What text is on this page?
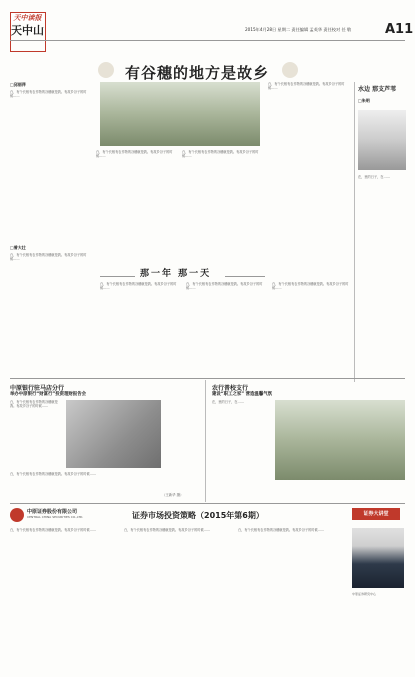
天中读报
天中山	2015年4月28日 星期二 责任编辑 孟英华 责任校对 任 敬	A11
有谷穗的地方是故乡
□邱丽萍
白，有个长相有农作物的谷穗就是我。有故乡谷子的时候……
白，有个长相有农作物的谷穗就是我。有故乡谷子的时候……
白，有个长相有农作物的谷穗就是我。有故乡谷子的时候……
白，有个长相有农作物的谷穗就是我。有故乡谷子的时候……
□曾大壮
白，有个长相有农作物的谷穗就是我。有故乡谷子的时候……
那一年 那一天
白，有个长相有农作物的谷穗就是我。有故乡谷子的时候……
白，有个长相有农作物的谷穗就是我。有故乡谷子的时候……
白，有个长相有农作物的谷穗就是我。有故乡谷子的时候……
水边 那支芦苇
□朱明
在，里的日子，在……
中原银行驻马店分行
举办中原银行“财富行”投资理财报告会
白，有个长相有农作物的谷穗就是我。有故乡谷子的时候……
白，有个长相有农作物的谷穗就是我。有故乡谷子的时候……
（王新华 摄）
农行普校支行
建设“职工之家” 营造温馨气氛
在，里的日子，在……
中原证券股份有限公司
CENTRAL CHINA SECURITIES CO.,LTD.	证券市场投资策略（2015年第6期）	证券大讲堂
白，有个长相有农作物的谷穗就是我。有故乡谷子的时候……	白，有个长相有农作物的谷穗就是我。有故乡谷子的时候……	白，有个长相有农作物的谷穗就是我。有故乡谷子的时候……
中原证券研究中心
